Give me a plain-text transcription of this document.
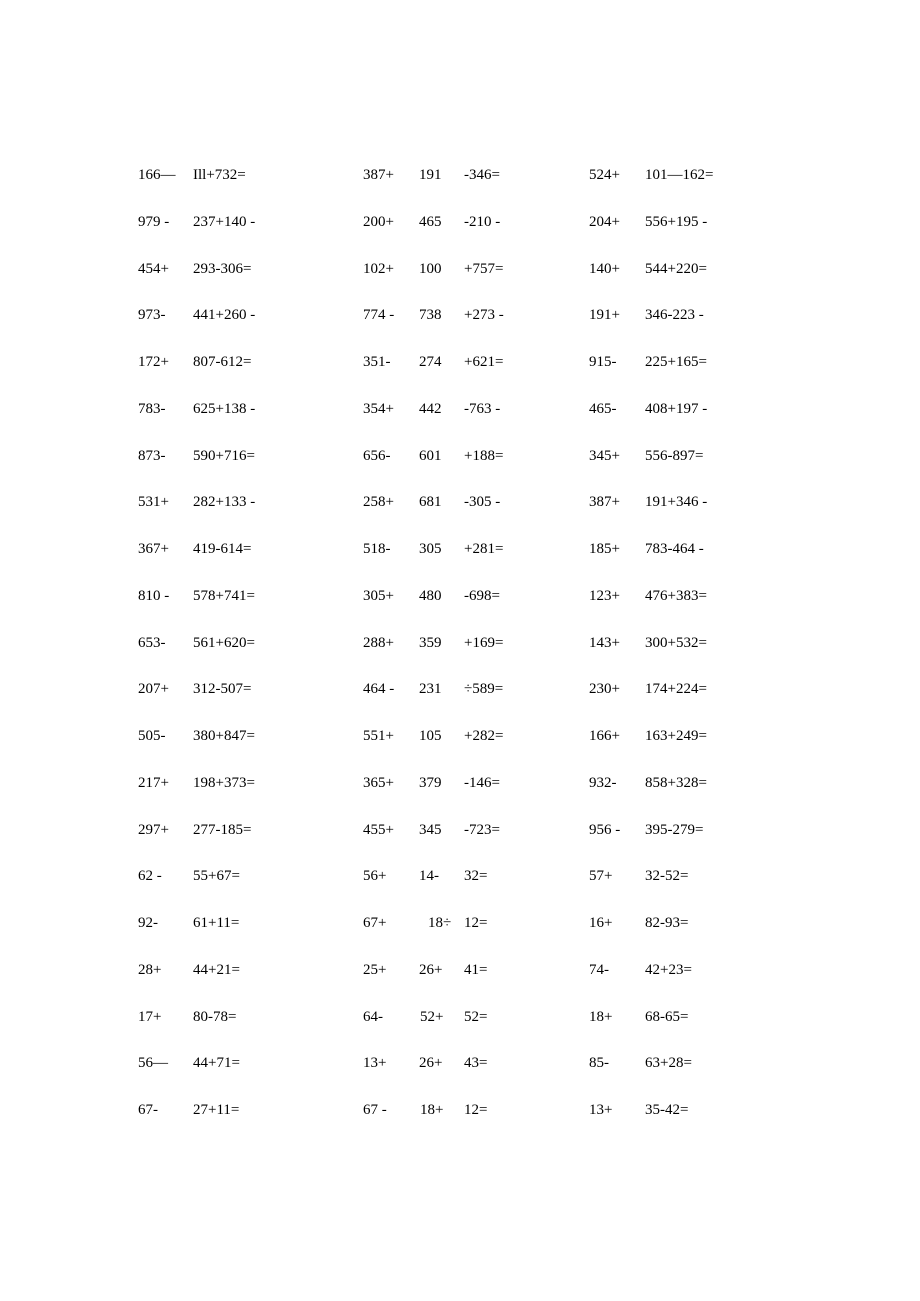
166— Ill+732=	387+ 191 -346=	524+ 101—162=
979 - 237+140 -	200+ 465 -210 -	204+ 556+195 -
454+ 293-306=	102+ 100 +757=	140+ 544+220=
973- 441+260 -	774 - 738 +273 -	191+ 346-223 -
172+ 807-612=	351- 274 +621=	915- 225+165=
783- 625+138 -	354+ 442 -763 -	465- 408+197 -
873- 590+716=	656- 601 +188=	345+ 556-897=
531+ 282+133 -	258+ 681 -305 -	387+ 191+346 -
367+ 419-614=	518- 305 +281=	185+ 783-464 -
810 - 578+741=	305+ 480 -698=	123+ 476+383=
653- 561+620=	288+ 359 +169=	143+ 300+532=
207+ 312-507=	464 - 231 ÷589=	230+ 174+224=
505- 380+847=	551+ 105 +282=	166+ 163+249=
217+ 198+373=	365+ 379 -146=	932- 858+328=
297+ 277-185=	455+ 345 -723=	956 - 395-279=
62 - 55+67=	56+ 14- 32=	57+ 32-52=
92- 61+11=	67+	18÷ 12=	16+ 82-93=
28+ 44+21=	25+ 26+ 41=	74- 42+23=
17+ 80-78=	64- 52+ 52=	18+ 68-65=
56— 44+71=	13+ 26+ 43=	85- 63+28=
67- 27+11=	67 - 18+ 12=	13+ 35-42=
